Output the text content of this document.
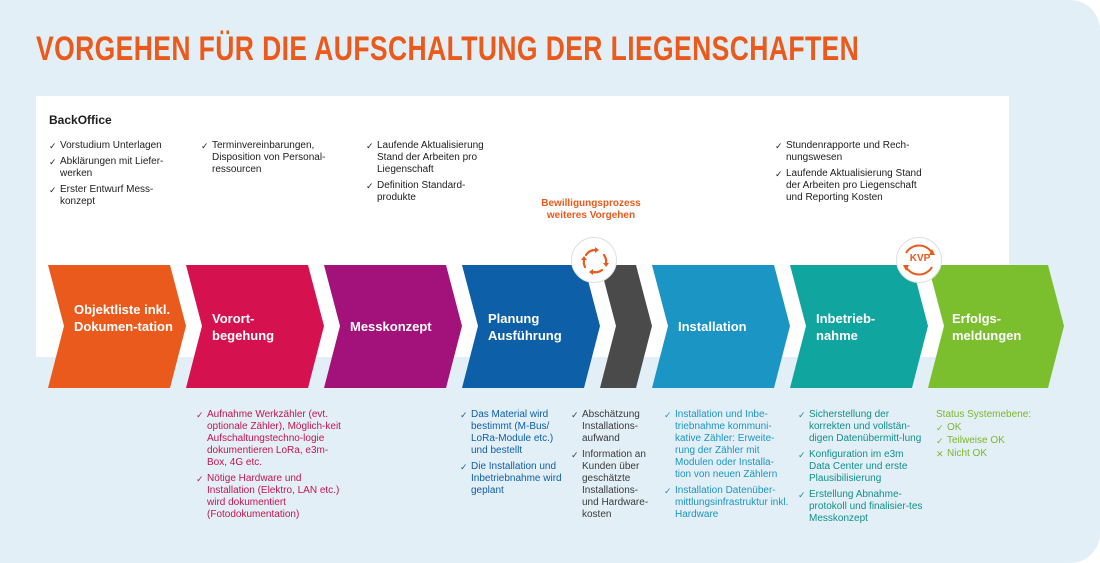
VORGEHEN FÜR DIE AUFSCHALTUNG DER LIEGENSCHAFTEN
BackOffice
✓ Vorstudium Unterlagen
✓ Abklärungen mit Liefer-werken
✓ Erster Entwurf Mess-konzept
✓ Terminvereinbarungen, Disposition von Personal-ressourcen
✓ Laufende Aktualisierung Stand der Arbeiten pro Liegenschaft
✓ Definition Standard-produkte
✓ Stundenrapporte und Rech-nungswesen
✓ Laufende Aktualisierung Stand der Arbeiten pro Liegenschaft und Reporting Kosten
Bewilligungsprozess weiteres Vorgehen
KVP
Objektliste inkl. Dokumen-tation
Vorort-begehung
Messkonzept
Planung Ausführung
Installation
Inbetrieb-nahme
Erfolgs-meldungen
✓ Aufnahme Werkzähler (evt. optionale Zähler), Möglich-keit Aufschaltungstechno-logie dokumentieren LoRa, e3m-Box, 4G etc.
✓ Nötige Hardware und Installation (Elektro, LAN etc.) wird dokumentiert (Fotodokumentation)
✓ Das Material wird bestimmt (M-Bus/ LoRa-Module etc.) und bestellt
✓ Die Installation und Inbetriebnahme wird geplant
✓ Abschätzung Installations-aufwand
✓ Information an Kunden über geschätzte Installations- und Hardware-kosten
✓ Installation und Inbe-triebnahme kommuni-kative Zähler: Erweite-rung der Zähler mit Modulen oder Installa-tion von neuen Zählern
✓ Installation Datenüber-mittlungsinfrastruktur inkl. Hardware
✓ Sicherstellung der korrekten und vollstän-digen Datenübermitt-lung
✓ Konfiguration im e3m Data Center und erste Plausibilisierung
✓ Erstellung Abnahme-protokoll und finalisier-tes Messkonzept
Status Systemebene:
✓ OK
✓ Teilweise OK
✕ Nicht OK
